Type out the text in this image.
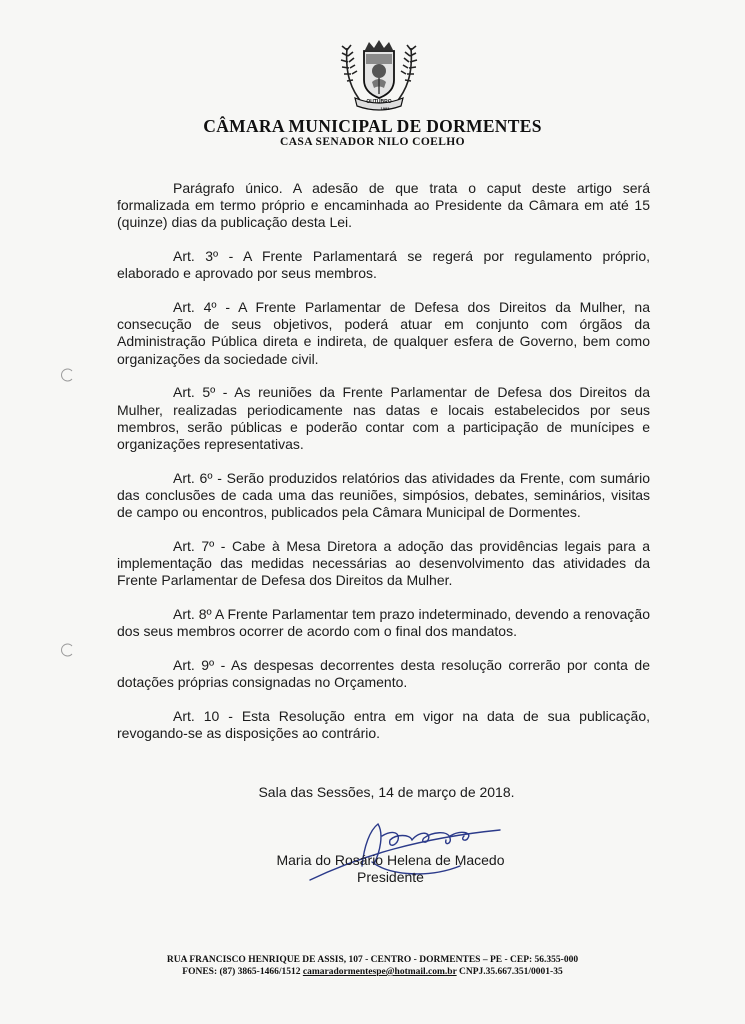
OUTUBRO
1991
CÂMARA MUNICIPAL DE DORMENTES
CASA SENADOR NILO COELHO

Parágrafo único. A adesão de que trata o caput deste artigo será formalizada em termo próprio e encaminhada ao Presidente da Câmara em até 15 (quinze) dias da publicação desta Lei.

Art. 3º - A Frente Parlamentará se regerá por regulamento próprio, elaborado e aprovado por seus membros.

Art. 4º - A Frente Parlamentar de Defesa dos Direitos da Mulher, na consecução de seus objetivos, poderá atuar em conjunto com órgãos da Administração Pública direta e indireta, de qualquer esfera de Governo, bem como organizações da sociedade civil.

Art. 5º - As reuniões da Frente Parlamentar de Defesa dos Direitos da Mulher, realizadas periodicamente nas datas e locais estabelecidos por seus membros, serão públicas e poderão contar com a participação de munícipes e organizações representativas.

Art. 6º - Serão produzidos relatórios das atividades da Frente, com sumário das conclusões de cada uma das reuniões, simpósios, debates, seminários, visitas de campo ou encontros, publicados pela Câmara Municipal de Dormentes.

Art. 7º - Cabe à Mesa Diretora a adoção das providências legais para a implementação das medidas necessárias ao desenvolvimento das atividades da Frente Parlamentar de Defesa dos Direitos da Mulher.

Art. 8º A Frente Parlamentar tem prazo indeterminado, devendo a renovação dos seus membros ocorrer de acordo com o final dos mandatos.

Art. 9º - As despesas decorrentes desta resolução correrão por conta de dotações próprias consignadas no Orçamento.

Art. 10 - Esta Resolução entra em vigor na data de sua publicação, revogando-se as disposições ao contrário.

Sala das Sessões, 14 de março de 2018.
Maria do Rosário Helena de Macedo
Presidente
RUA FRANCISCO HENRIQUE DE ASSIS, 107 - CENTRO - DORMENTES – PE - CEP: 56.355-000
FONES: (87) 3865-1466/1512 camaradormentespe@hotmail.com.br CNPJ.35.667.351/0001-35
